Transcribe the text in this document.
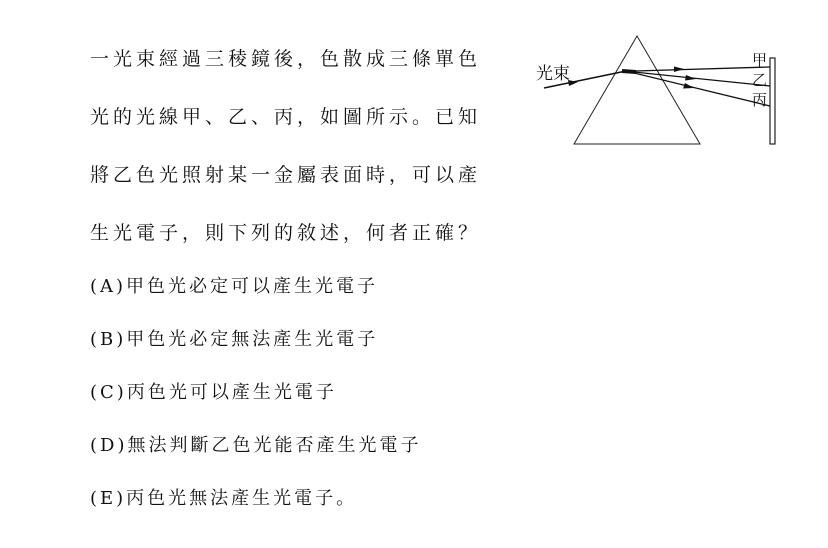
一光束經過三稜鏡後，色散成三條單色
光的光線甲、乙、丙，如圖所示。已知
將乙色光照射某一金屬表面時，可以產
生光電子，則下列的敘述，何者正確？
(A)甲色光必定可以產生光電子
(B)甲色光必定無法產生光電子
(C)丙色光可以產生光電子
(D)無法判斷乙色光能否產生光電子
(E)丙色光無法產生光電子。
光束
甲
乙
丙
